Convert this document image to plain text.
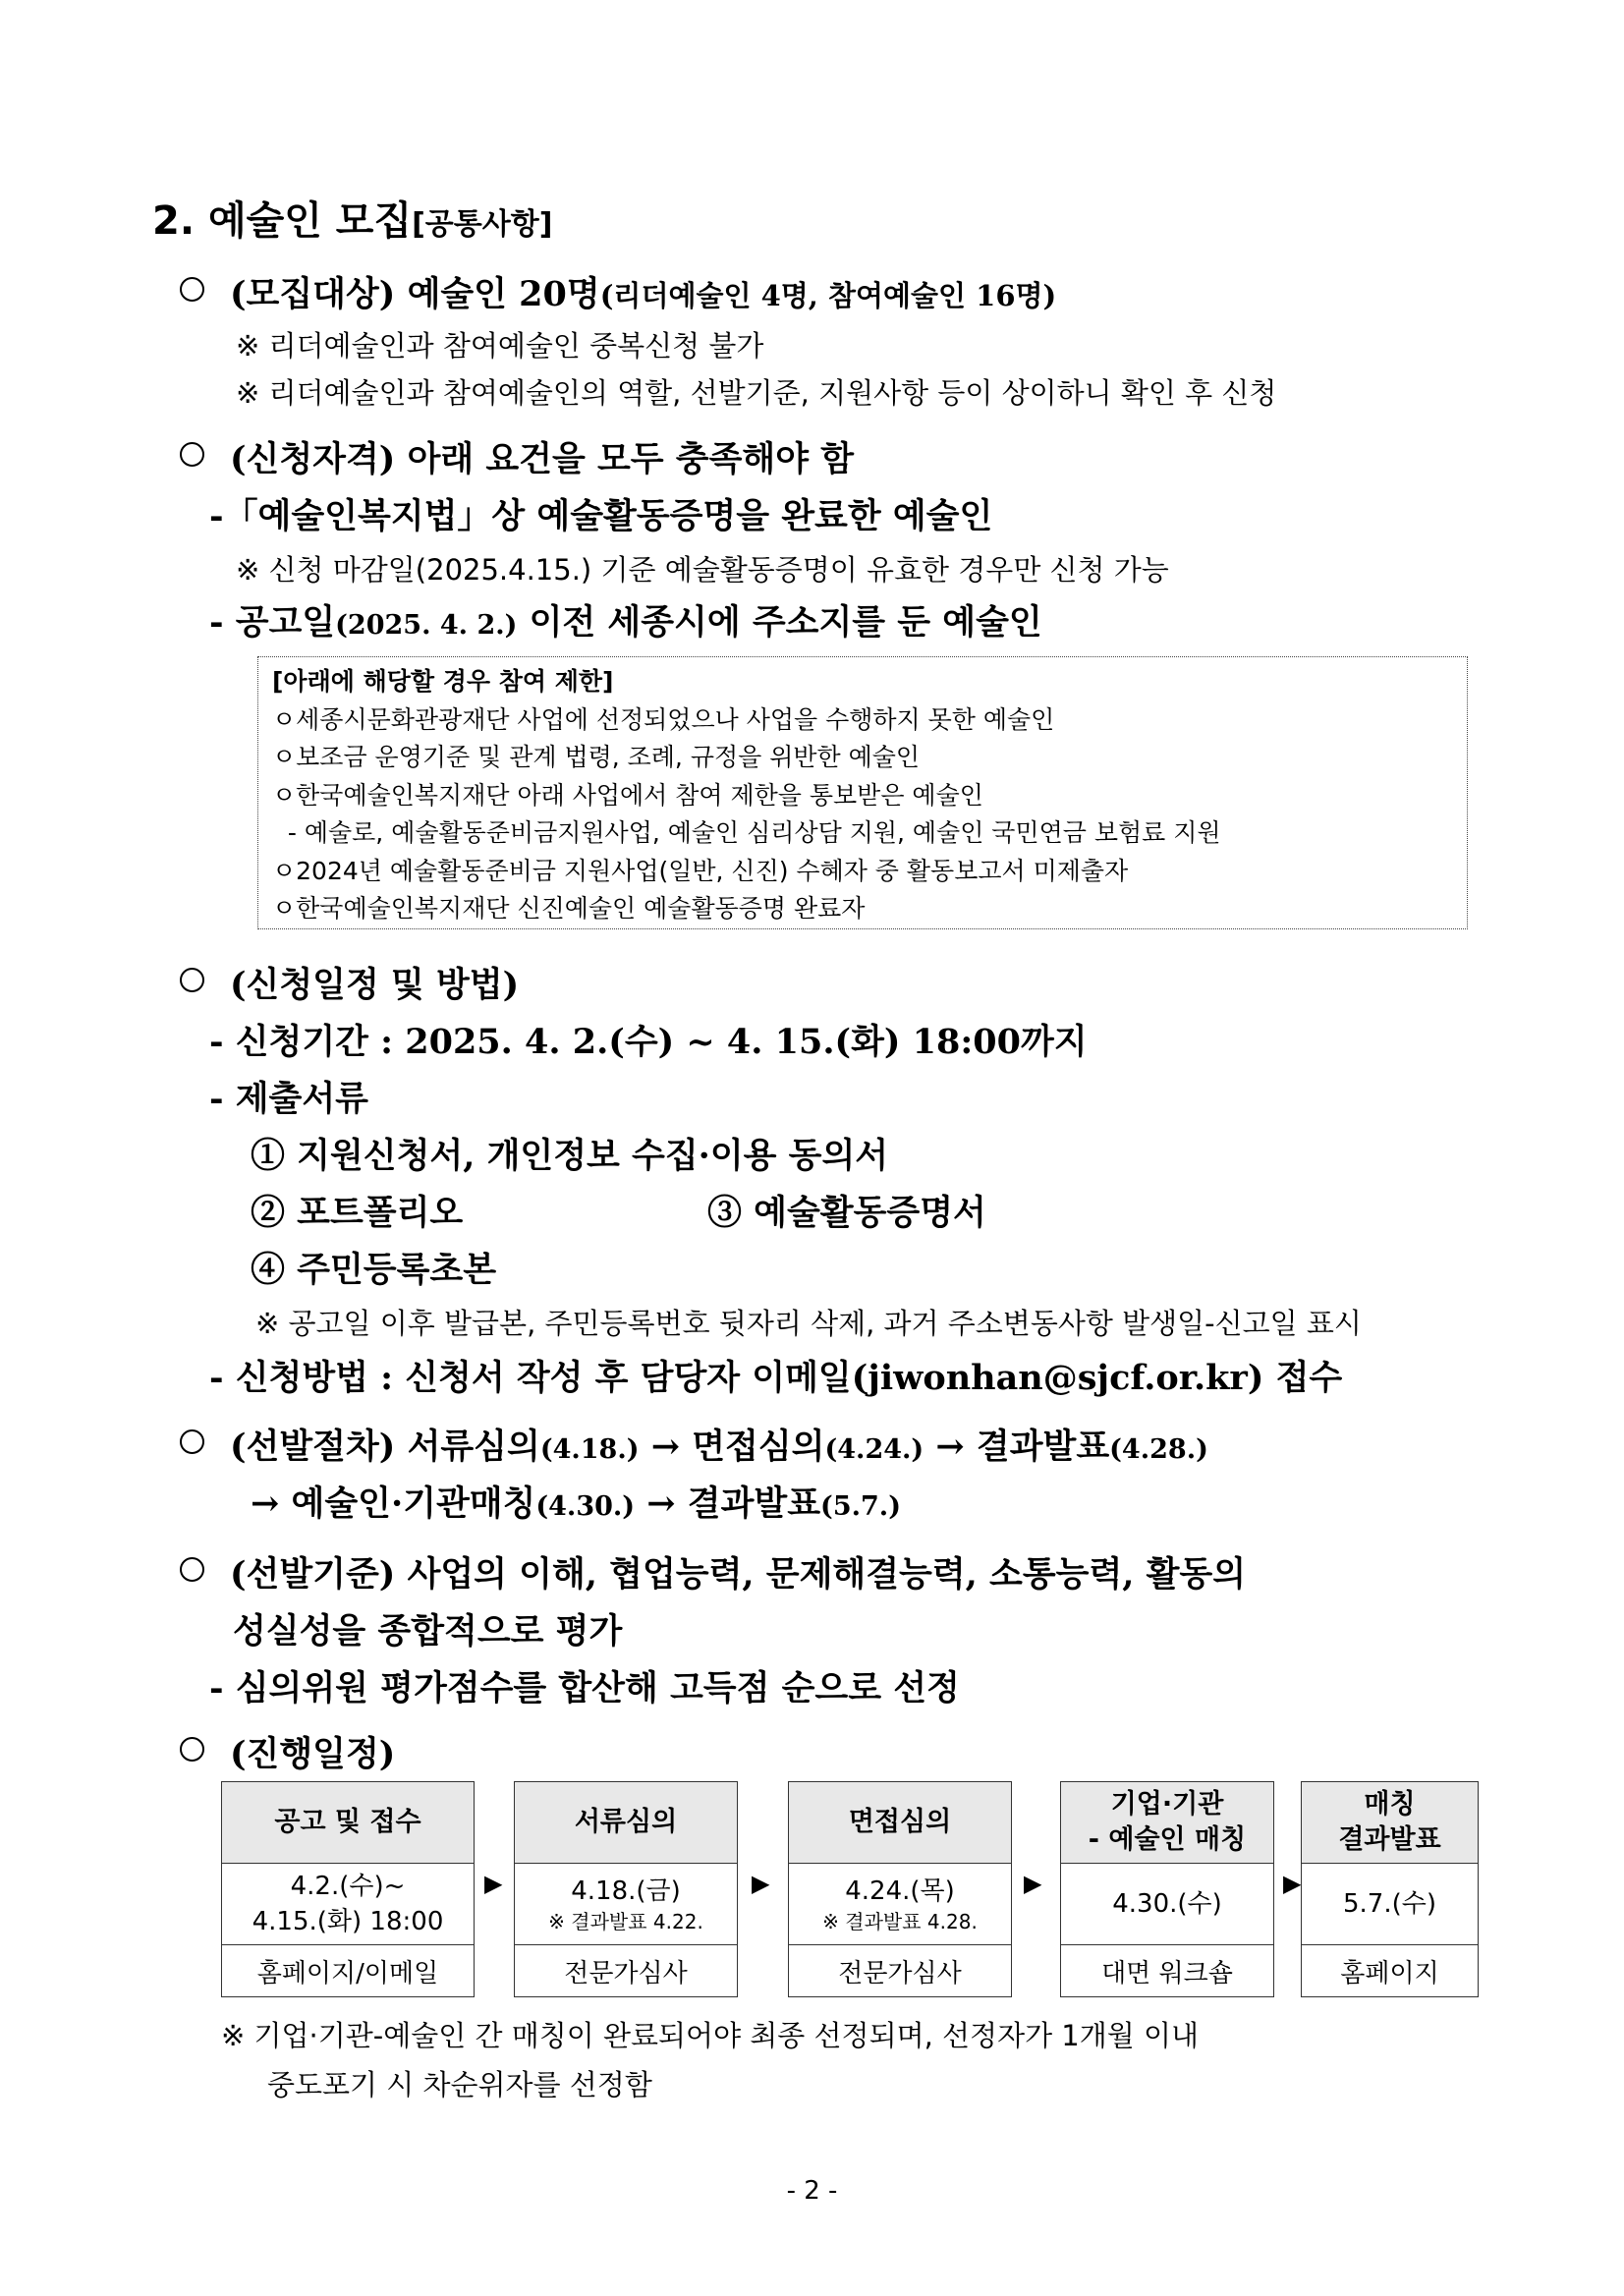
2. 예술인 모집[공통사항]
(모집대상) 예술인 20명(리더예술인 4명, 참여예술인 16명)
※ 리더예술인과 참여예술인 중복신청 불가
※ 리더예술인과 참여예술인의 역할, 선발기준, 지원사항 등이 상이하니 확인 후 신청
(신청자격) 아래 요건을 모두 충족해야 함
-「예술인복지법」상 예술활동증명을 완료한 예술인
※ 신청 마감일(2025.4.15.) 기준 예술활동증명이 유효한 경우만 신청 가능
- 공고일(2025. 4. 2.) 이전 세종시에 주소지를 둔 예술인
[아래에 해당할 경우 참여 제한]
ㅇ세종시문화관광재단 사업에 선정되었으나 사업을 수행하지 못한 예술인
ㅇ보조금 운영기준 및 관계 법령, 조례, 규정을 위반한 예술인
ㅇ한국예술인복지재단 아래 사업에서 참여 제한을 통보받은 예술인
- 예술로, 예술활동준비금지원사업, 예술인 심리상담 지원, 예술인 국민연금 보험료 지원
ㅇ2024년 예술활동준비금 지원사업(일반, 신진) 수혜자 중 활동보고서 미제출자
ㅇ한국예술인복지재단 신진예술인 예술활동증명 완료자
(신청일정 및 방법)
- 신청기간 : 2025. 4. 2.(수) ~ 4. 15.(화) 18:00까지
- 제출서류
① 지원신청서, 개인정보 수집·이용 동의서
② 포트폴리오	③ 예술활동증명서
④ 주민등록초본
※ 공고일 이후 발급본, 주민등록번호 뒷자리 삭제, 과거 주소변동사항 발생일-신고일 표시
- 신청방법 : 신청서 작성 후 담당자 이메일(jiwonhan@sjcf.or.kr) 접수
(선발절차) 서류심의(4.18.) → 면접심의(4.24.) → 결과발표(4.28.)
→ 예술인·기관매칭(4.30.) → 결과발표(5.7.)
(선발기준) 사업의 이해, 협업능력, 문제해결능력, 소통능력, 활동의
성실성을 종합적으로 평가
- 심의위원 평가점수를 합산해 고득점 순으로 선정
(진행일정)
공고 및 접수
4.2.(수)~
4.15.(화) 18:00
홈페이지/이메일
▶
서류심의
4.18.(금)
※ 결과발표 4.22.
전문가심사
▶
면접심의
4.24.(목)
※ 결과발표 4.28.
전문가심사
▶
기업·기관
- 예술인 매칭
4.30.(수)
대면 워크숍
▶
매칭
결과발표
5.7.(수)
홈페이지
※ 기업·기관-예술인 간 매칭이 완료되어야 최종 선정되며, 선정자가 1개월 이내
중도포기 시 차순위자를 선정함
- 2 -
